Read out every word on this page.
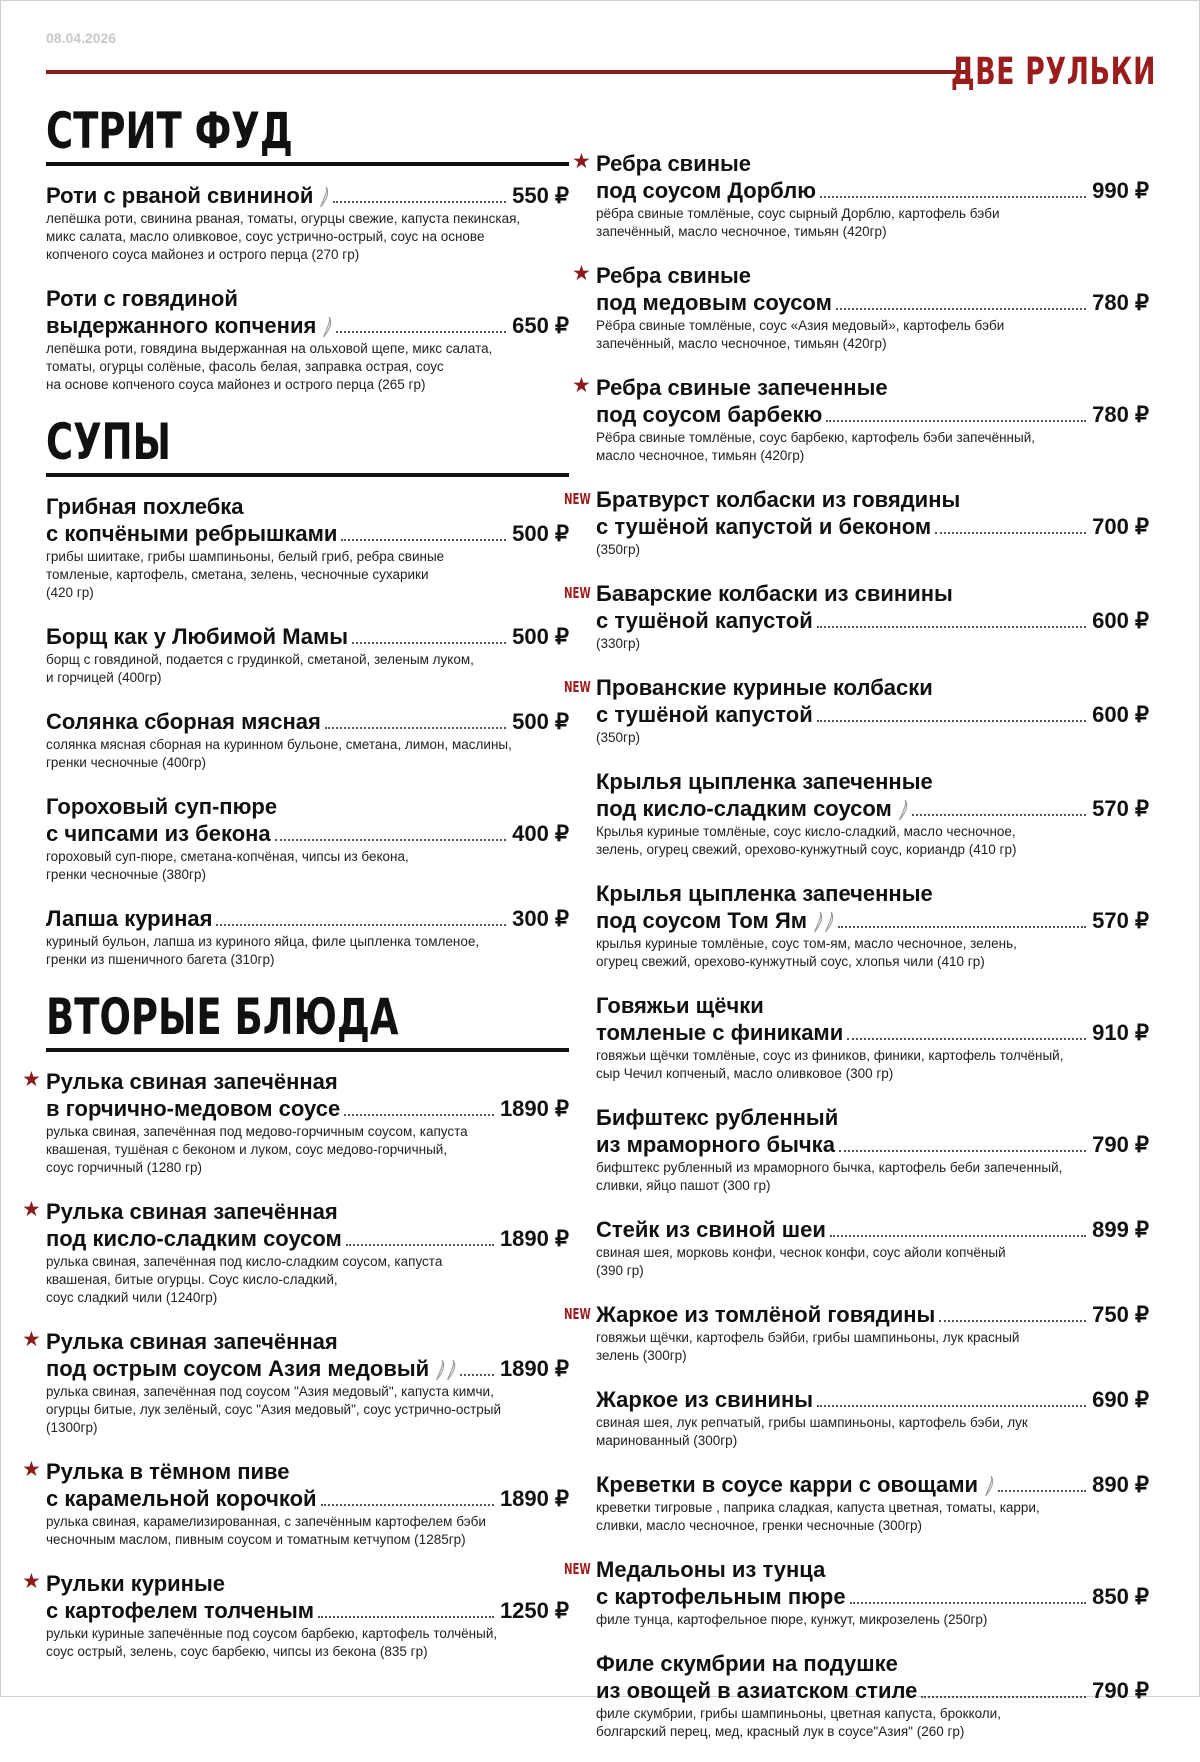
08.04.2026
ДВЕ РУЛЬКИ
СТРИТ ФУД
Роти с рваной свининой	550 ₽
лепёшка роти, свинина рваная, томаты, огурцы свежие, капуста пекинская,
микс салата, масло оливковое, соус устрично-острый, соус на основе
копченого соуса майонез и острого перца (270 гр)
Роти с говядиной
выдержанного копчения	650 ₽
лепёшка роти, говядина выдержанная на ольховой щепе, микс салата,
томаты, огурцы солёные, фасоль белая, заправка острая, соус
на основе копченого соуса майонез и острого перца (265 гр)
СУПЫ
Грибная похлебка
с копчёными ребрышками	500 ₽
грибы шиитаке, грибы шампиньоны, белый гриб, ребра свиные
томленые, картофель, сметана, зелень, чесночные сухарики
(420 гр)
Борщ как у Любимой Мамы	500 ₽
борщ с говядиной, подается с грудинкой, сметаной, зеленым луком,
и горчицей (400гр)
Солянка сборная мясная	500 ₽
солянка мясная сборная на куринном бульоне, сметана, лимон, маслины,
гренки чесночные (400гр)
Гороховый суп-пюре
с чипсами из бекона	400 ₽
гороховый суп-пюре, сметана-копчёная, чипсы из бекона,
гренки чесночные (380гр)
Лапша куриная	300 ₽
куриный бульон, лапша из куриного яйца, филе цыпленка томленое,
гренки из пшеничного багета (310гр)
ВТОРЫЕ БЛЮДА
★ Рулька свиная запечённая
в горчично-медовом соусе	1890 ₽
рулька свиная, запечённая под медово-горчичным соусом, капуста
квашеная, тушёная с беконом и луком, соус медово-горчичный,
соус горчичный (1280 гр)
★ Рулька свиная запечённая
под кисло-сладким соусом	1890 ₽
рулька свиная, запечённая под кисло-сладким соусом, капуста
квашеная, битые огурцы. Соус кисло-сладкий,
соус сладкий чили (1240гр)
★ Рулька свиная запечённая
под острым соусом Азия медовый	1890 ₽
рулька свиная, запечённая под соусом "Азия медовый", капуста кимчи,
огурцы битые, лук зелёный, соус "Азия медовый", соус устрично-острый
(1300гр)
★ Рулька в тёмном пиве
с карамельной корочкой	1890 ₽
рулька свиная, карамелизированная, с запечённым картофелем бэби
чесночным маслом, пивным соусом и томатным кетчупом (1285гр)
★ Рульки куриные
с картофелем толченым	1250 ₽
рульки куриные запечённые под соусом барбекю, картофель толчёный,
соус острый, зелень, соус барбекю, чипсы из бекона (835 гр)
★ Ребра свиные
под соусом Дорблю	990 ₽
рёбра свиные томлёные, соус сырный Дорблю, картофель бэби
запечённый, масло чесночное, тимьян (420гр)
★ Ребра свиные
под медовым соусом	780 ₽
Рёбра свиные томлёные, соус «Азия медовый», картофель бэби
запечённый, масло чесночное, тимьян (420гр)
★ Ребра свиные запеченные
под соусом барбекю	780 ₽
Рёбра свиные томлёные, соус барбекю, картофель бэби запечённый,
масло чесночное, тимьян (420гр)
NEW Братвурст колбаски из говядины
с тушёной капустой и беконом	700 ₽
(350гр)
NEW Баварские колбаски из свинины
с тушёной капустой	600 ₽
(330гр)
NEW Прованские куриные колбаски
с тушёной капустой	600 ₽
(350гр)
Крылья цыпленка запеченные
под кисло-сладким соусом	570 ₽
Крылья куриные томлёные, соус кисло-сладкий, масло чесночное,
зелень, огурец свежий, орехово-кунжутный соус, кориандр (410 гр)
Крылья цыпленка запеченные
под соусом Том Ям	570 ₽
крылья куриные томлёные, соус том-ям, масло чесночное, зелень,
огурец свежий, орехово-кунжутный соус, хлопья чили (410 гр)
Говяжьи щёчки
томленые с финиками	910 ₽
говяжьи щёчки томлёные, соус из фиников, финики, картофель толчёный,
сыр Чечил копченый, масло оливковое (300 гр)
Бифштекс рубленный
из мраморного бычка	790 ₽
бифштекс рубленный из мраморного бычка, картофель беби запеченный,
сливки, яйцо пашот (300 гр)
Стейк из свиной шеи	899 ₽
свиная шея, морковь конфи, чеснок конфи, соус айоли копчёный
(390 гр)
NEW Жаркое из томлёной говядины	750 ₽
говяжьи щёчки, картофель бэйби, грибы шампиньоны, лук красный
зелень (300гр)
Жаркое из свинины	690 ₽
свиная шея, лук репчатый, грибы шампиньоны, картофель бэби, лук
маринованный (300гр)
Креветки в соусе карри с овощами	890 ₽
креветки тигровые , паприка сладкая, капуста цветная, томаты, карри,
сливки, масло чесночное, гренки чесночные (300гр)
NEW Медальоны из тунца
с картофельным пюре	850 ₽
филе тунца, картофельное пюре, кунжут, микрозелень (250гр)
Филе скумбрии на подушке
из овощей в азиатском стиле	790 ₽
филе скумбрии, грибы шампиньоны, цветная капуста, брокколи,
болгарский перец, мед, красный лук в соусе"Азия" (260 гр)
